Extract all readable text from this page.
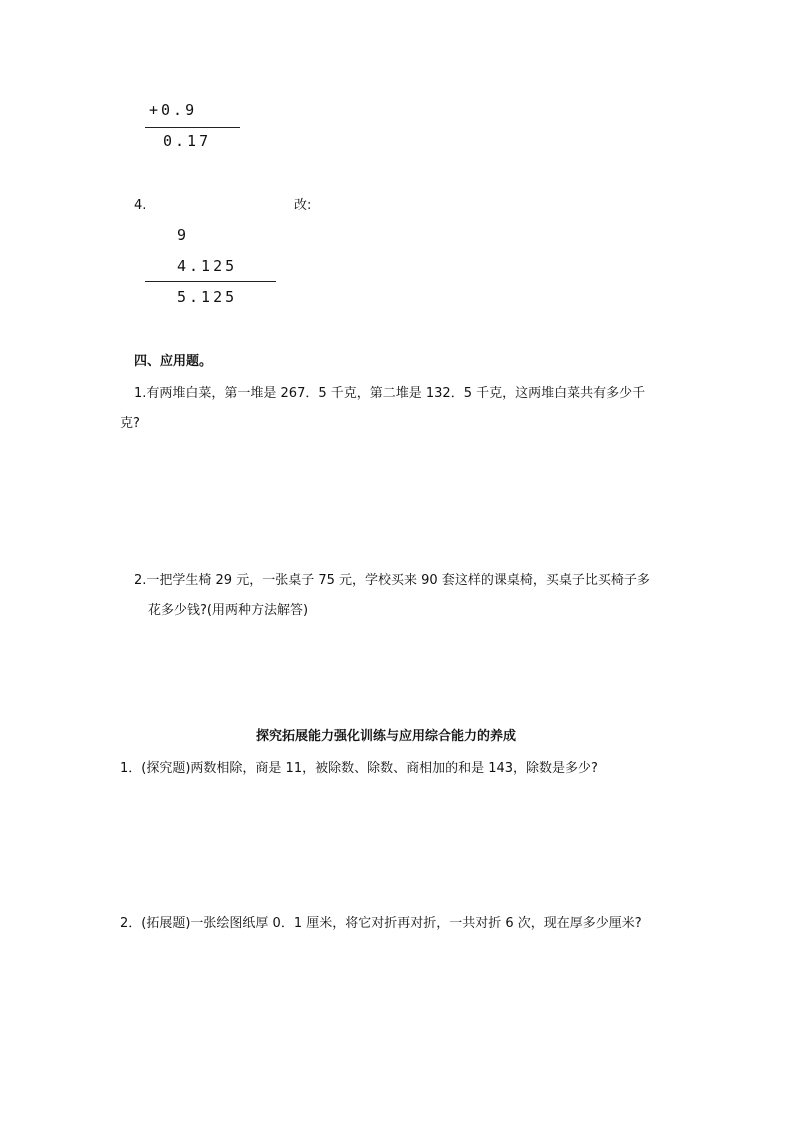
+0.9
0.17
4.	改:
9
4.125
5.125
四、应用题。
1.有两堆白菜，第一堆是 267．5 千克，第二堆是 132．5 千克，这两堆白菜共有多少千
克?
2.一把学生椅 29 元，一张桌子 75 元，学校买来 90 套这样的课桌椅，买桌子比买椅子多
花多少钱?(用两种方法解答)
探究拓展能力强化训练与应用综合能力的养成
1．(探究题)两数相除，商是 11，被除数、除数、商相加的和是 143，除数是多少?
2．(拓展题)一张绘图纸厚 0．1 厘米，将它对折再对折，一共对折 6 次，现在厚多少厘米?
